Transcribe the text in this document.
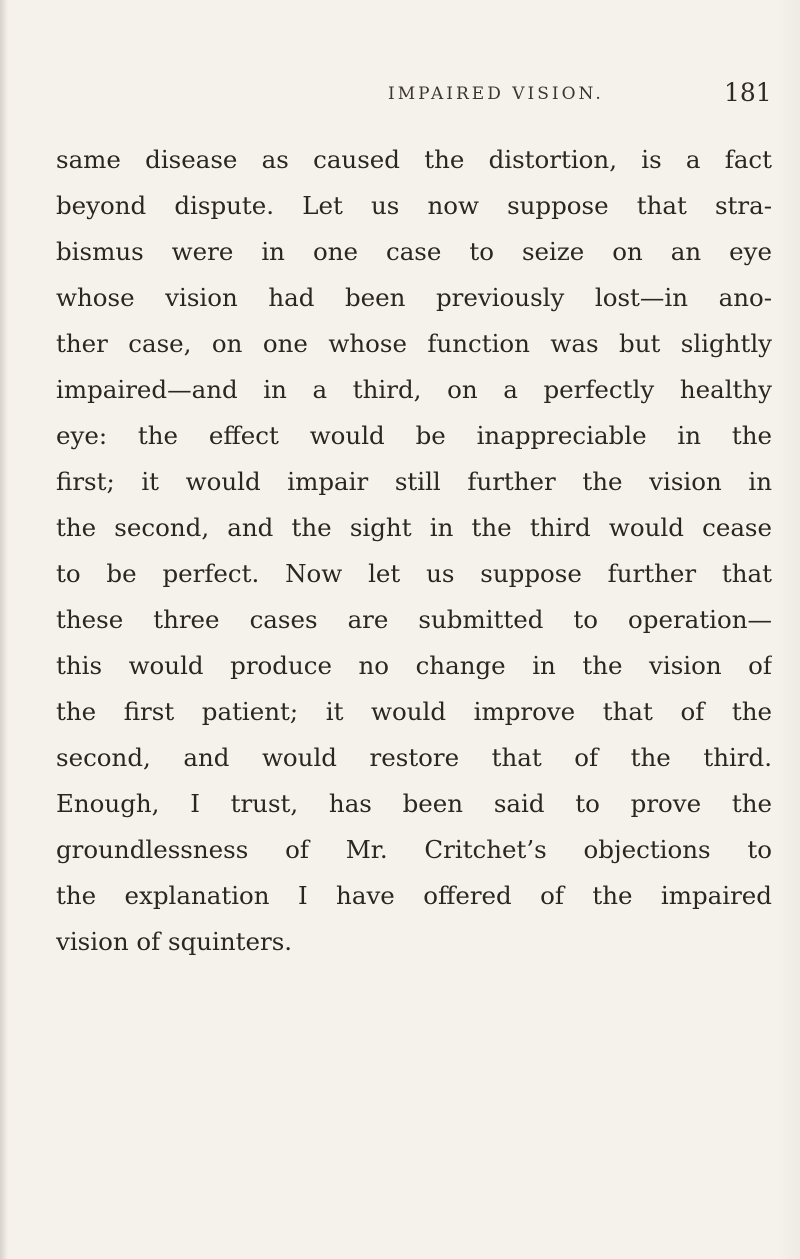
IMPAIRED VISION.	181
same disease as caused the distortion, is a fact
beyond dispute. Let us now suppose that stra-
bismus were in one case to seize on an eye
whose vision had been previously lost—in ano-
ther case, on one whose function was but slightly
impaired—and in a third, on a perfectly healthy
eye: the effect would be inappreciable in the
first; it would impair still further the vision in
the second, and the sight in the third would cease
to be perfect. Now let us suppose further that
these three cases are submitted to operation—
this would produce no change in the vision of
the first patient; it would improve that of the
second, and would restore that of the third.
Enough, I trust, has been said to prove the
groundlessness of Mr. Critchet’s objections to
the explanation I have offered of the impaired
vision of squinters.
